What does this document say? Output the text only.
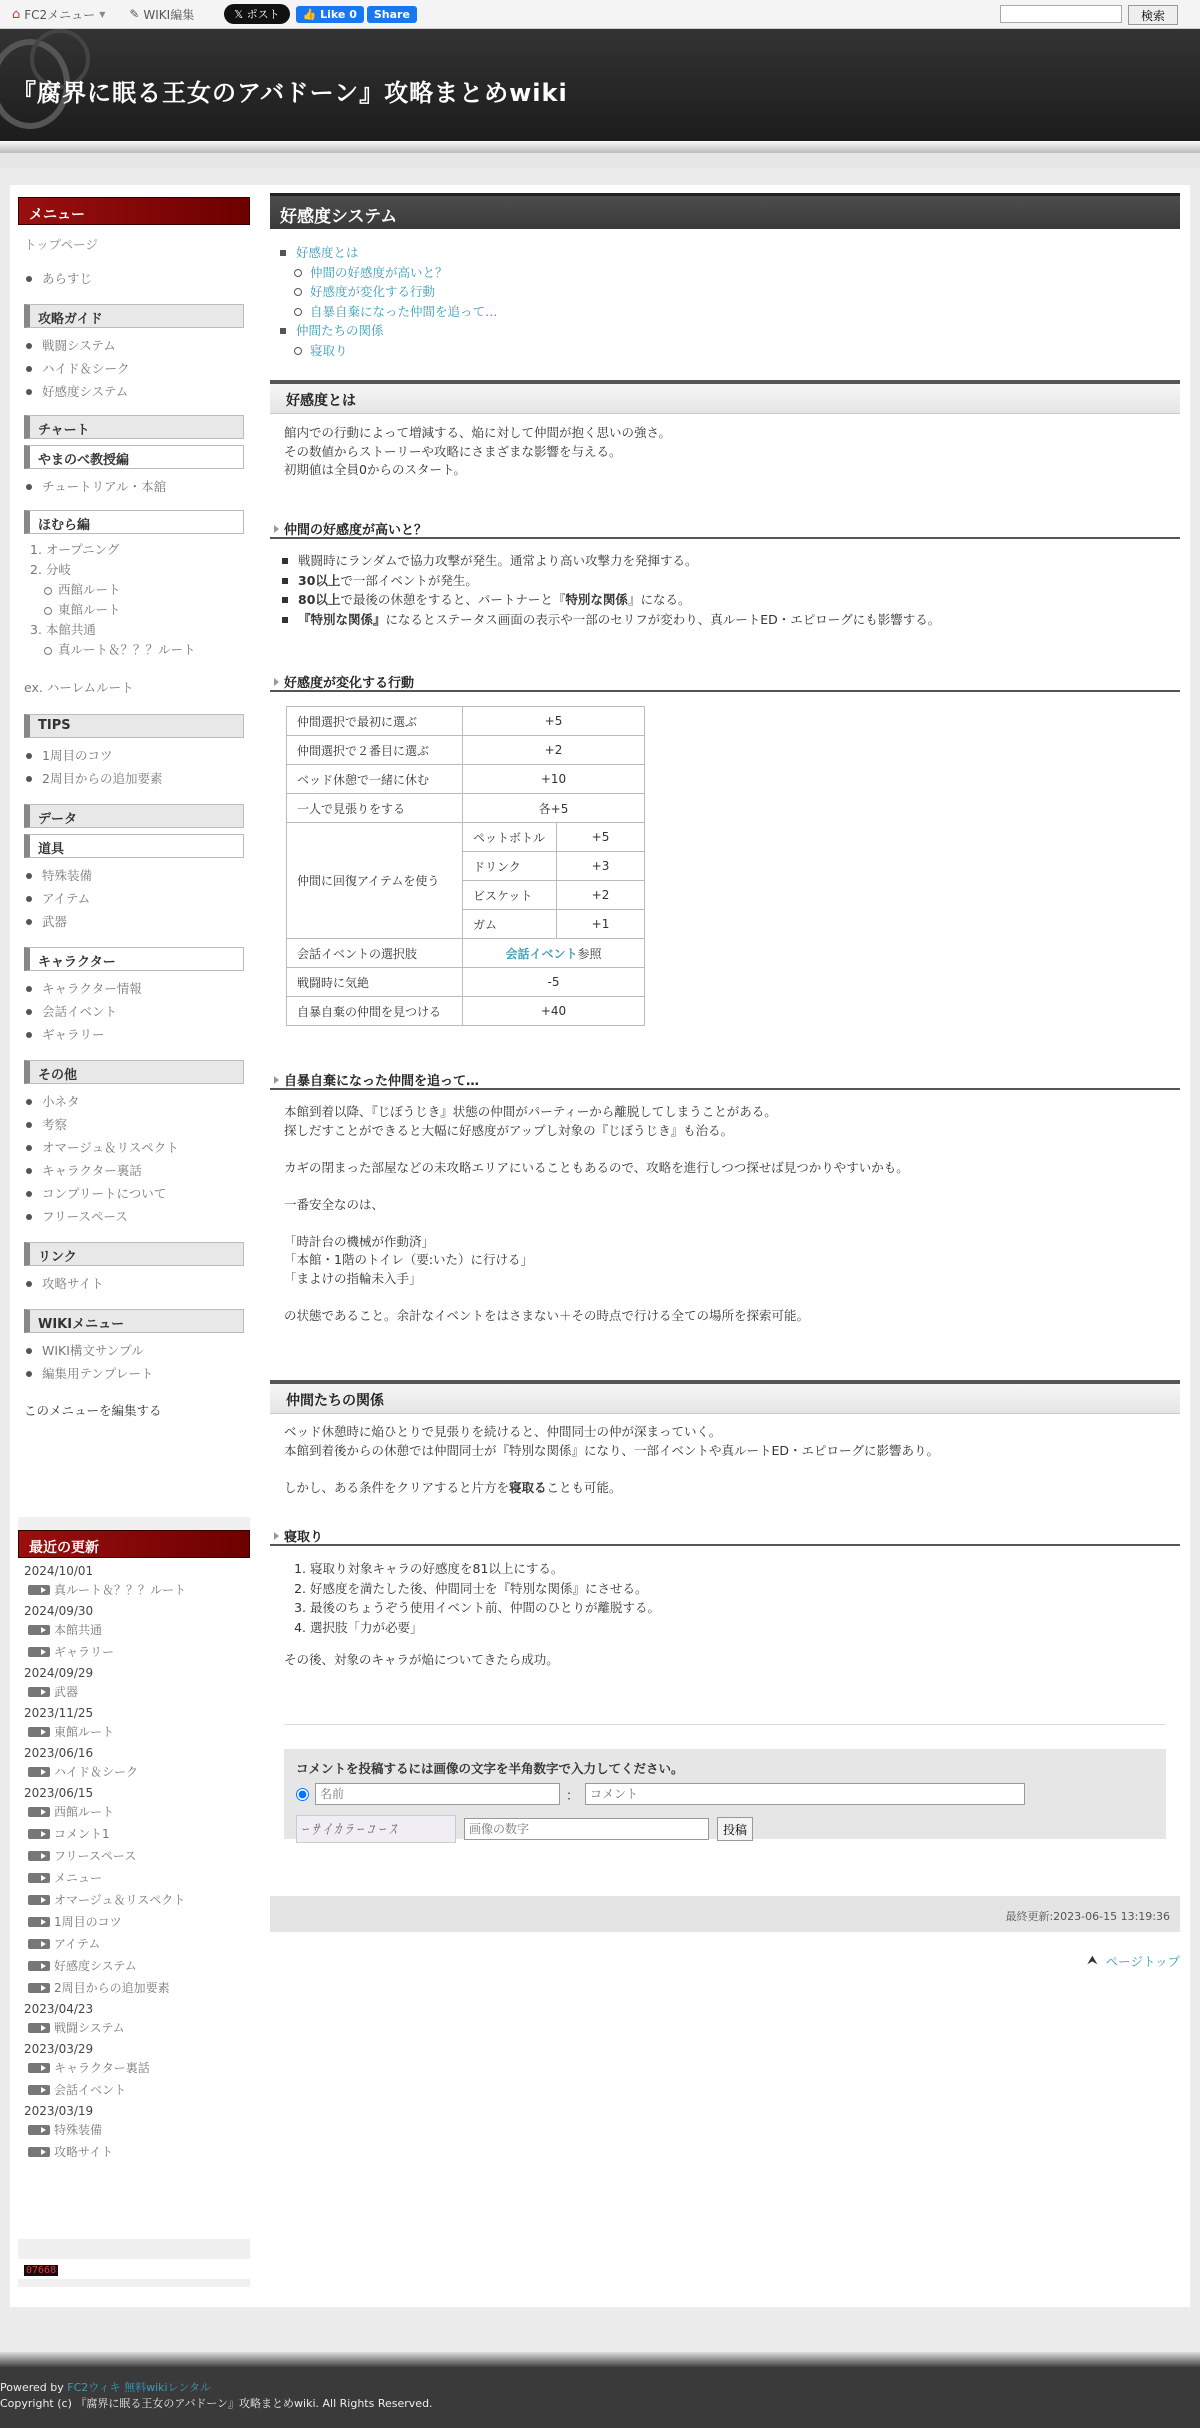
⌂ FC2メニュー ▼ ✎ WIKI編集	𝕏 ポスト	👍 Like 0	Share	検索
『腐界に眠る王女のアバドーン』攻略まとめwiki
メニュー
トップページ
あらすじ
攻略ガイド
戦闘システム
ハイド＆シーク
好感度システム
チャート
やまのべ教授編
チュートリアル・本舘
ほむら編
1. オープニング
2. 分岐
西館ルート
東館ルート
3. 本館共通
真ルート＆？？？ルート
ex. ハーレムルート
TIPS
1周目のコツ
2周目からの追加要素
データ
道具
特殊装備
アイテム
武器
キャラクター
キャラクター情報
会話イベント
ギャラリー
その他
小ネタ
考察
オマージュ＆リスペクト
キャラクター裏話
コンプリートについて
フリースペース
リンク
攻略サイト
WIKIメニュー
WIKI構文サンプル
編集用テンプレート
このメニューを編集する
最近の更新
2024/10/01
真ルート＆？？？ルート
2024/09/30
本館共通
ギャラリー
2024/09/29
武器
2023/11/25
東館ルート
2023/06/16
ハイド＆シーク
2023/06/15
西館ルート
コメント1
フリースペース
メニュー
オマージュ＆リスペクト
1周目のコツ
アイテム
好感度システム
2周目からの追加要素
2023/04/23
戦闘システム
2023/03/29
キャラクター裏話
会話イベント
2023/03/19
特殊装備
攻略サイト
07668
好感度システム
好感度とは
仲間の好感度が高いと？
好感度が変化する行動
自暴自棄になった仲間を追って…
仲間たちの関係
寝取り
好感度とは
館内での行動によって増減する、焔に対して仲間が抱く思いの強さ。
その数値からストーリーや攻略にさまざまな影響を与える。
初期値は全員0からのスタート。
仲間の好感度が高いと？
戦闘時にランダムで協力攻撃が発生。通常より高い攻撃力を発揮する。
30以上で一部イベントが発生。
80以上で最後の休憩をすると、パートナーと『特別な関係』になる。
『特別な関係』になるとステータス画面の表示や一部のセリフが変わり、真ルートED・エピローグにも影響する。
好感度が変化する行動
仲間選択で最初に選ぶ	+5	
仲間選択で２番目に選ぶ	+2	
ベッド休憩で一緒に休む	+10	
一人で見張りをする	各+5	
仲間に回復アイテムを使う	ペットボトル	+5
	ドリンク	+3
	ビスケット	+2
	ガム	+1
会話イベントの選択肢	会話イベント参照	
戦闘時に気絶	-5	
自暴自棄の仲間を見つける	+40	
自暴自棄になった仲間を追って…
本館到着以降、『じぼうじき』状態の仲間がパーティーから離脱してしまうことがある。
探しだすことができると大幅に好感度がアップし対象の『じぼうじき』も治る。
カギの閉まった部屋などの未攻略エリアにいることもあるので、攻略を進行しつつ探せば見つかりやすいかも。
一番安全なのは、
「時計台の機械が作動済」
「本館・1階のトイレ（要:いた）に行ける」
「まよけの指輪未入手」
の状態であること。余計なイベントをはさまない＋その時点で行ける全ての場所を探索可能。
仲間たちの関係
ベッド休憩時に焔ひとりで見張りを続けると、仲間同士の仲が深まっていく。
本館到着後からの休憩では仲間同士が『特別な関係』になり、一部イベントや真ルートED・エピローグに影響あり。
しかし、ある条件をクリアすると片方を寝取ることも可能。
寝取り
1. 寝取り対象キャラの好感度を81以上にする。
2. 好感度を満たした後、仲間同士を『特別な関係』にさせる。
3. 最後のちょうぞう使用イベント前、仲間のひとりが離脱する。
4. 選択肢「力が必要」
その後、対象のキャラが焔についてきたら成功。
コメントを投稿するには画像の文字を半角数字で入力してください。
名前
：
コメント
ｰｻｲｶﾗｰｺｰｽ
画像の数字	投稿
最終更新:2023-06-15 13:19:36
⮝ ページトップ
Powered by FC2ウィキ 無料wikiレンタル
Copyright (c) 『腐界に眠る王女のアバドーン』攻略まとめwiki. All Rights Reserved.
